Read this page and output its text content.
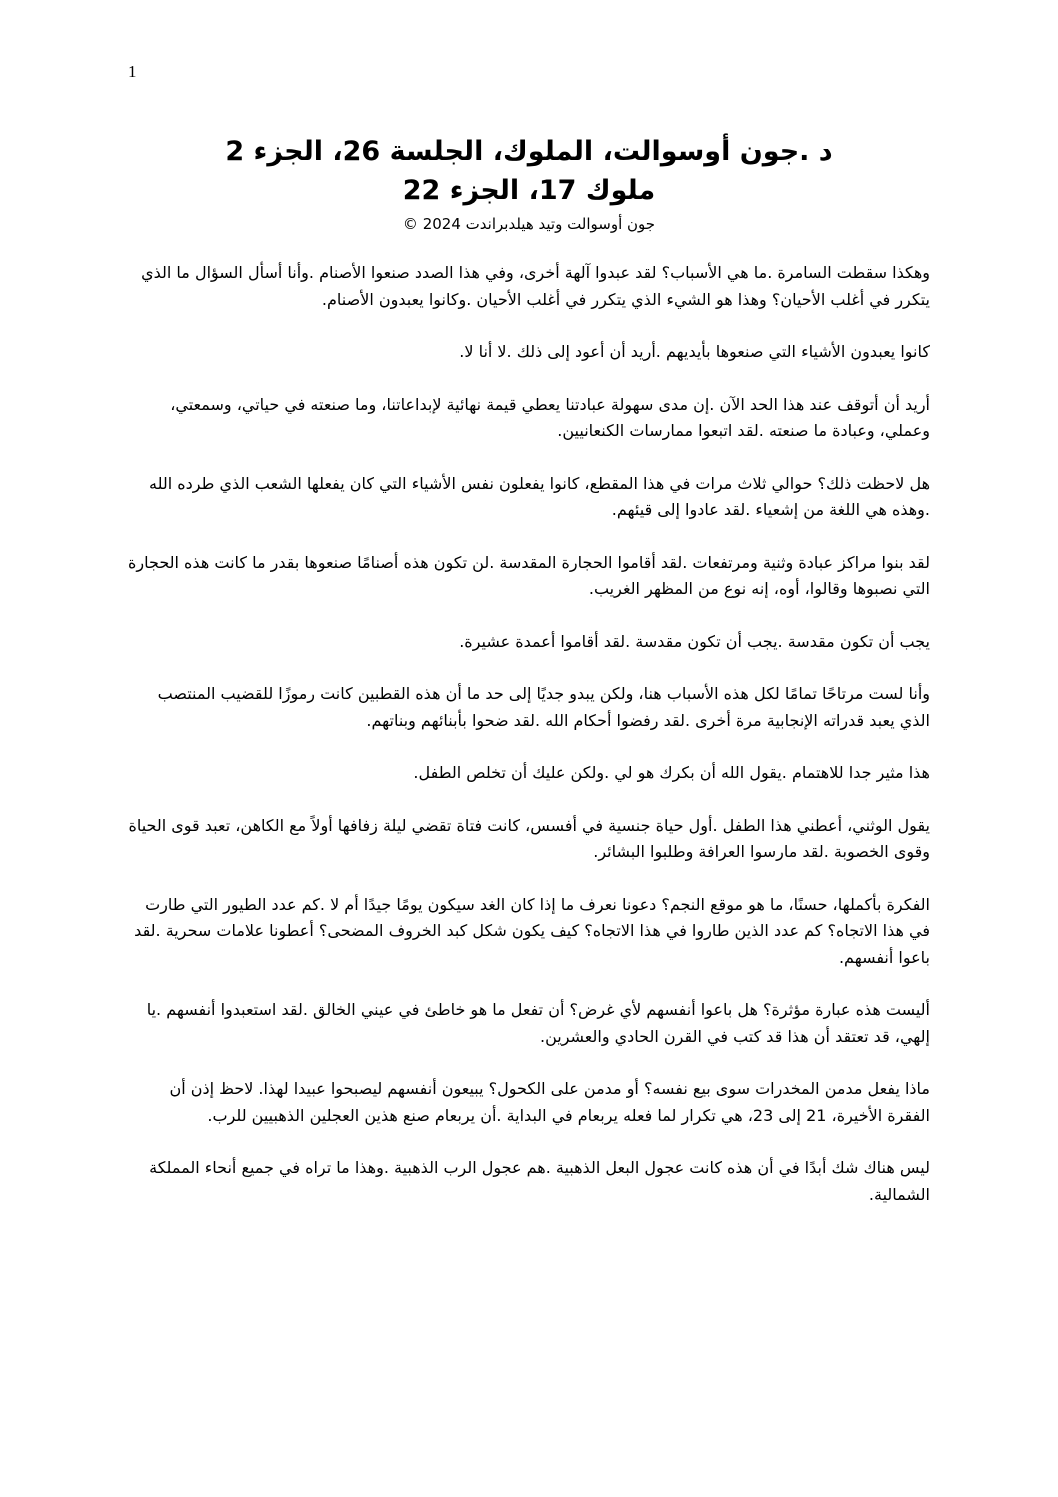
1
د .جون أوسوالت، الملوك، الجلسة 26، الجزء 2
ملوك 17، الجزء 22
جون أوسوالت وتيد هيلدبراندت 2024 ©

وهكذا سقطت السامرة .ما هي الأسباب؟ لقد عبدوا آلهة أخرى، وفي هذا الصدد صنعوا الأصنام .وأنا أسأل السؤال ما الذي يتكرر في أغلب الأحيان؟ وهذا هو الشيء الذي يتكرر في أغلب الأحيان .وكانوا يعبدون الأصنام.

كانوا يعبدون الأشياء التي صنعوها بأيديهم .أريد أن أعود إلى ذلك .لا أنا لا.

أريد أن أتوقف عند هذا الحد الآن .إن مدى سهولة عبادتنا يعطي قيمة نهائية لإبداعاتنا، وما صنعته في حياتي، وسمعتي، وعملي، وعبادة ما صنعته .لقد اتبعوا ممارسات الكنعانيين.

هل لاحظت ذلك؟ حوالي ثلاث مرات في هذا المقطع، كانوا يفعلون نفس الأشياء التي كان يفعلها الشعب الذي طرده الله .وهذه هي اللغة من إشعياء .لقد عادوا إلى قيئهم.

لقد بنوا مراكز عبادة وثنية ومرتفعات .لقد أقاموا الحجارة المقدسة .لن تكون هذه أصنامًا صنعوها بقدر ما كانت هذه الحجارة التي نصبوها وقالوا، أوه، إنه نوع من المظهر الغريب.

يجب أن تكون مقدسة .يجب أن تكون مقدسة .لقد أقاموا أعمدة عشيرة.

وأنا لست مرتاحًا تمامًا لكل هذه الأسباب هنا، ولكن يبدو جديًا إلى حد ما أن هذه القطبين كانت رموزًا للقضيب المنتصب الذي يعبد قدراته الإنجابية مرة أخرى .لقد رفضوا أحكام الله .لقد ضحوا بأبنائهم وبناتهم.

هذا مثير جدا للاهتمام .يقول الله أن بكرك هو لي .ولكن عليك أن تخلص الطفل.

يقول الوثني، أعطني هذا الطفل .أول حياة جنسية في أفسس، كانت فتاة تقضي ليلة زفافها أولاً مع الكاهن، تعبد قوى الحياة وقوى الخصوبة .لقد مارسوا العرافة وطلبوا البشائر.

الفكرة بأكملها، حسنًا، ما هو موقع النجم؟ دعونا نعرف ما إذا كان الغد سيكون يومًا جيدًا أم لا .كم عدد الطيور التي طارت في هذا الاتجاه؟ كم عدد الذين طاروا في هذا الاتجاه؟ كيف يكون شكل كبد الخروف المضحى؟ أعطونا علامات سحرية .لقد باعوا أنفسهم.

أليست هذه عبارة مؤثرة؟ هل باعوا أنفسهم لأي غرض؟ أن تفعل ما هو خاطئ في عيني الخالق .لقد استعبدوا أنفسهم .يا إلهي، قد تعتقد أن هذا قد كتب في القرن الحادي والعشرين.

ماذا يفعل مدمن المخدرات سوى بيع نفسه؟ أو مدمن على الكحول؟ يبيعون أنفسهم ليصبحوا عبيدا لهذا. لاحظ إذن أن الفقرة الأخيرة، 21 إلى 23، هي تكرار لما فعله يربعام في البداية .أن يربعام صنع هذين العجلين الذهبيين للرب.

ليس هناك شك أبدًا في أن هذه كانت عجول البعل الذهبية .هم عجول الرب الذهبية .وهذا ما تراه في جميع أنحاء المملكة الشمالية.
